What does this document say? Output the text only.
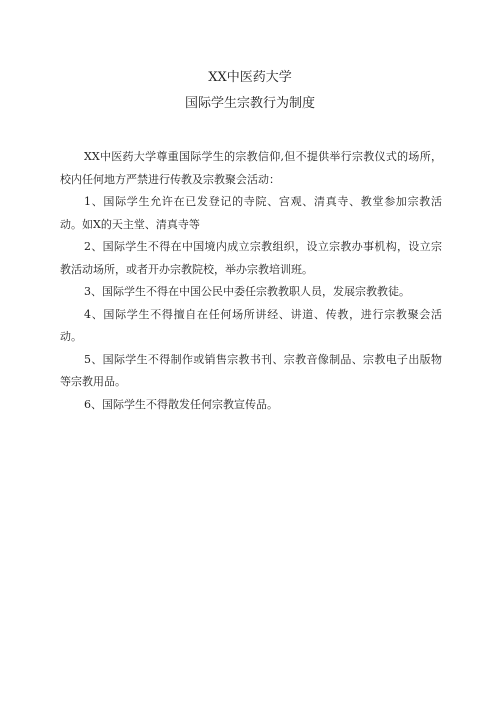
XX中医药大学
国际学生宗教行为制度

XX中医药大学尊重国际学生的宗教信仰,但不提供举行宗教仪式的场所，校内任何地方严禁进行传教及宗教聚会活动：

1、国际学生允许在已发登记的寺院、宫观、清真寺、教堂参加宗教活动。如X的天主堂、清真寺等

2、国际学生不得在中国境内成立宗教组织，设立宗教办事机构，设立宗教活动场所，或者开办宗教院校，举办宗教培训班。

3、国际学生不得在中国公民中委任宗教教职人员，发展宗教教徒。

4、国际学生不得擅自在任何场所讲经、讲道、传教，进行宗教聚会活动。

5、国际学生不得制作或销售宗教书刊、宗教音像制品、宗教电子出版物等宗教用品。

6、国际学生不得散发任何宗教宣传品。
